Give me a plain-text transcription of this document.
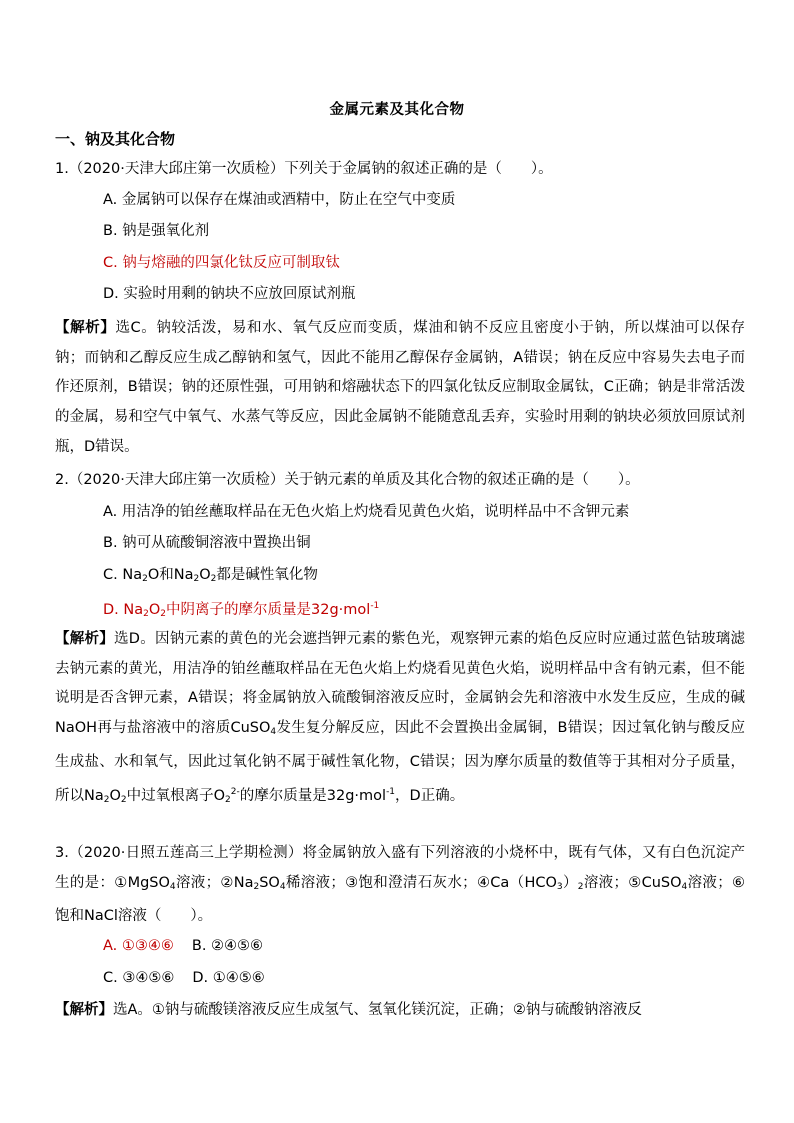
金属元素及其化合物
一、钠及其化合物
1.（2020·天津大邱庄第一次质检）下列关于金属钠的叙述正确的是（　　）。
A. 金属钠可以保存在煤油或酒精中，防止在空气中变质
B. 钠是强氧化剂
C. 钠与熔融的四氯化钛反应可制取钛
D. 实验时用剩的钠块不应放回原试剂瓶
【解析】选C。钠较活泼，易和水、氧气反应而变质，煤油和钠不反应且密度小于钠，所以煤油可以保存钠；而钠和乙醇反应生成乙醇钠和氢气，因此不能用乙醇保存金属钠，A错误；钠在反应中容易失去电子而作还原剂，B错误；钠的还原性强，可用钠和熔融状态下的四氯化钛反应制取金属钛，C正确；钠是非常活泼的金属，易和空气中氧气、水蒸气等反应，因此金属钠不能随意乱丢弃，实验时用剩的钠块必须放回原试剂瓶，D错误。
2.（2020·天津大邱庄第一次质检）关于钠元素的单质及其化合物的叙述正确的是（　　）。
A. 用洁净的铂丝蘸取样品在无色火焰上灼烧看见黄色火焰，说明样品中不含钾元素
B. 钠可从硫酸铜溶液中置换出铜
C. $Na_2O$和$Na_2O_2$都是碱性氧化物
D. $Na_2O_2$中阴离子的摩尔质量是32g·mol$^{-1}$
【解析】选D。因钠元素的黄色的光会遮挡钾元素的紫色光，观察钾元素的焰色反应时应通过蓝色钴玻璃滤去钠元素的黄光，用洁净的铂丝蘸取样品在无色火焰上灼烧看见黄色火焰，说明样品中含有钠元素，但不能说明是否含钾元素，A错误；将金属钠放入硫酸铜溶液反应时，金属钠会先和溶液中水发生反应，生成的碱NaOH再与盐溶液中的溶质CuSO$_4$发生复分解反应，因此不会置换出金属铜，B错误；因过氧化钠与酸反应生成盐、水和氧气，因此过氧化钠不属于碱性氧化物，C错误；因为摩尔质量的数值等于其相对分子质量，所以$Na_2O_2$中过氧根离子$O_2^{2-}$的摩尔质量是32g·mol$^{-1}$，D正确。
3.（2020·日照五莲高三上学期检测）将金属钠放入盛有下列溶液的小烧杯中，既有气体，又有白色沉淀产生的是：①MgSO$_4$溶液；$②Na_2SO_4$稀溶液；③饱和澄清石灰水；$④Ca(HCO_3)_2$溶液；⑤CuSO$_4$溶液；⑥饱和NaCl溶液（　　）。
A. ①③④⑥ B. ②④⑤⑥
C. ③④⑤⑥ D. ①④⑤⑥
【解析】选A。①钠与硫酸镁溶液反应生成氢气、氢氧化镁沉淀，正确；②钠与硫酸钠溶液反
